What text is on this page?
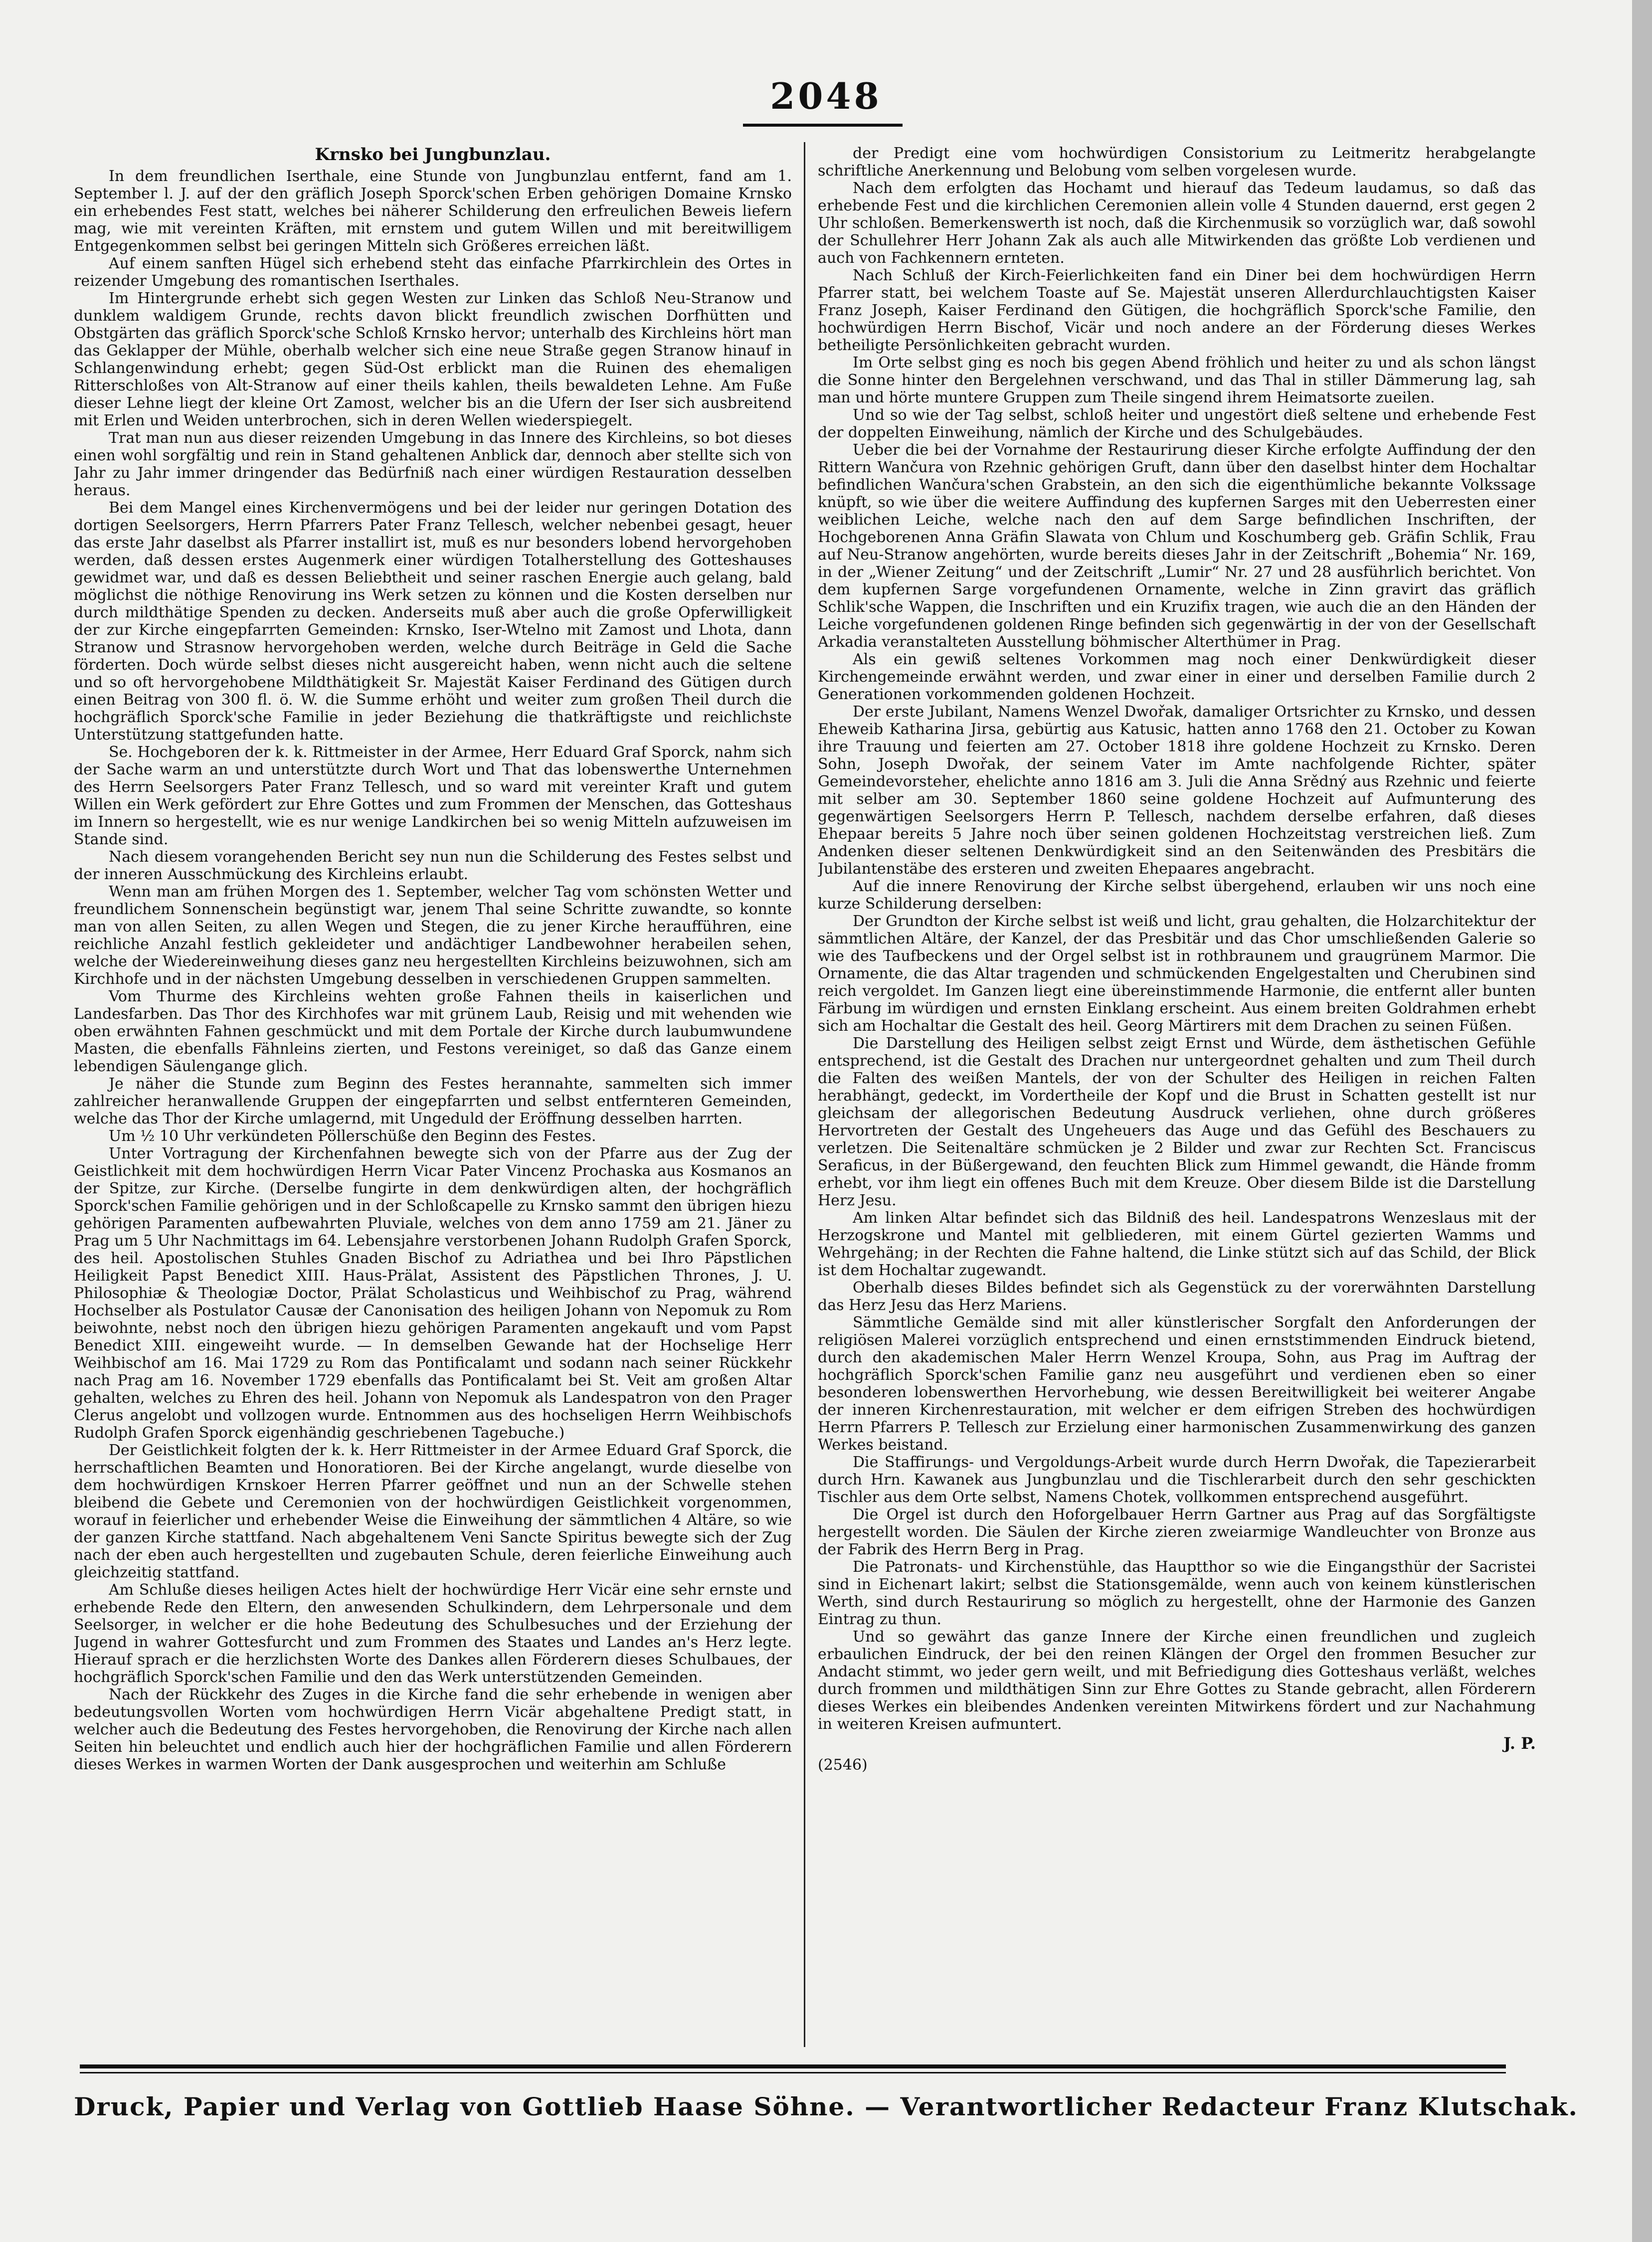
2048
Krnsko bei Jungbunzlau.

In dem freundlichen Iserthale, eine Stunde von Jungbunzlau entfernt, fand am 1. September l. J. auf der den gräflich Joseph Sporck'schen Erben gehörigen Domaine Krnsko ein erhebendes Fest statt, welches bei näherer Schilderung den erfreulichen Beweis liefern mag, wie mit vereinten Kräften, mit ernstem und gutem Willen und mit bereitwilligem Entgegenkommen selbst bei geringen Mitteln sich Größeres erreichen läßt.

Auf einem sanften Hügel sich erhebend steht das einfache Pfarrkirchlein des Ortes in reizender Umgebung des romantischen Iserthales.

Im Hintergrunde erhebt sich gegen Westen zur Linken das Schloß Neu-Stranow und dunklem waldigem Grunde, rechts davon blickt freundlich zwischen Dorfhütten und Obstgärten das gräflich Sporck'sche Schloß Krnsko hervor; unterhalb des Kirchleins hört man das Geklapper der Mühle, oberhalb welcher sich eine neue Straße gegen Stranow hinauf in Schlangenwindung erhebt; gegen Süd-Ost erblickt man die Ruinen des ehemaligen Ritterschloßes von Alt-Stranow auf einer theils kahlen, theils bewaldeten Lehne. Am Fuße dieser Lehne liegt der kleine Ort Zamost, welcher bis an die Ufern der Iser sich ausbreitend mit Erlen und Weiden unterbrochen, sich in deren Wellen wiederspiegelt.

Trat man nun aus dieser reizenden Umgebung in das Innere des Kirchleins, so bot dieses einen wohl sorgfältig und rein in Stand gehaltenen Anblick dar, dennoch aber stellte sich von Jahr zu Jahr immer dringender das Bedürfniß nach einer würdigen Restauration desselben heraus.

Bei dem Mangel eines Kirchenvermögens und bei der leider nur geringen Dotation des dortigen Seelsorgers, Herrn Pfarrers Pater Franz Tellesch, welcher nebenbei gesagt, heuer das erste Jahr daselbst als Pfarrer installirt ist, muß es nur besonders lobend hervorgehoben werden, daß dessen erstes Augenmerk einer würdigen Totalherstellung des Gotteshauses gewidmet war, und daß es dessen Beliebtheit und seiner raschen Energie auch gelang, bald möglichst die nöthige Renovirung ins Werk setzen zu können und die Kosten derselben nur durch mildthätige Spenden zu decken. Anderseits muß aber auch die große Opferwilligkeit der zur Kirche eingepfarrten Gemeinden: Krnsko, Iser-Wtelno mit Zamost und Lhota, dann Stranow und Strasnow hervorgehoben werden, welche durch Beiträge in Geld die Sache förderten. Doch würde selbst dieses nicht ausgereicht haben, wenn nicht auch die seltene und so oft hervorgehobene Mildthätigkeit Sr. Majestät Kaiser Ferdinand des Gütigen durch einen Beitrag von 300 fl. ö. W. die Summe erhöht und weiter zum großen Theil durch die hochgräflich Sporck'sche Familie in jeder Beziehung die thatkräftigste und reichlichste Unterstützung stattgefunden hatte.

Se. Hochgeboren der k. k. Rittmeister in der Armee, Herr Eduard Graf Sporck, nahm sich der Sache warm an und unterstützte durch Wort und That das lobenswerthe Unternehmen des Herrn Seelsorgers Pater Franz Tellesch, und so ward mit vereinter Kraft und gutem Willen ein Werk gefördert zur Ehre Gottes und zum Frommen der Menschen, das Gotteshaus im Innern so hergestellt, wie es nur wenige Landkirchen bei so wenig Mitteln aufzuweisen im Stande sind.

Nach diesem vorangehenden Bericht sey nun nun die Schilderung des Festes selbst und der inneren Ausschmückung des Kirchleins erlaubt.

Wenn man am frühen Morgen des 1. September, welcher Tag vom schönsten Wetter und freundlichem Sonnenschein begünstigt war, jenem Thal seine Schritte zuwandte, so konnte man von allen Seiten, zu allen Wegen und Stegen, die zu jener Kirche heraufführen, eine reichliche Anzahl festlich gekleideter und andächtiger Landbewohner herabeilen sehen, welche der Wiedereinweihung dieses ganz neu hergestellten Kirchleins beizuwohnen, sich am Kirchhofe und in der nächsten Umgebung desselben in verschiedenen Gruppen sammelten.

Vom Thurme des Kirchleins wehten große Fahnen theils in kaiserlichen und Landesfarben. Das Thor des Kirchhofes war mit grünem Laub, Reisig und mit wehenden wie oben erwähnten Fahnen geschmückt und mit dem Portale der Kirche durch laubumwundene Masten, die ebenfalls Fähnleins zierten, und Festons vereiniget, so daß das Ganze einem lebendigen Säulengange glich.

Je näher die Stunde zum Beginn des Festes herannahte, sammelten sich immer zahlreicher heranwallende Gruppen der eingepfarrten und selbst entfernteren Gemeinden, welche das Thor der Kirche umlagernd, mit Ungeduld der Eröffnung desselben harrten.

Um ½ 10 Uhr verkündeten Pöllerschüße den Beginn des Festes.

Unter Vortragung der Kirchenfahnen bewegte sich von der Pfarre aus der Zug der Geistlichkeit mit dem hochwürdigen Herrn Vicar Pater Vincenz Prochaska aus Kosmanos an der Spitze, zur Kirche. (Derselbe fungirte in dem denkwürdigen alten, der hochgräflich Sporck'schen Familie gehörigen und in der Schloßcapelle zu Krnsko sammt den übrigen hiezu gehörigen Paramenten aufbewahrten Pluviale, welches von dem anno 1759 am 21. Jäner zu Prag um 5 Uhr Nachmittags im 64. Lebensjahre verstorbenen Johann Rudolph Grafen Sporck, des heil. Apostolischen Stuhles Gnaden Bischof zu Adriathea und bei Ihro Päpstlichen Heiligkeit Papst Benedict XIII. Haus-Prälat, Assistent des Päpstlichen Thrones, J. U. Philosophiæ & Theologiæ Doctor, Prälat Scholasticus und Weihbischof zu Prag, während Hochselber als Postulator Causæ der Canonisation des heiligen Johann von Nepomuk zu Rom beiwohnte, nebst noch den übrigen hiezu gehörigen Paramenten angekauft und vom Papst Benedict XIII. eingeweiht wurde. — In demselben Gewande hat der Hochselige Herr Weihbischof am 16. Mai 1729 zu Rom das Pontificalamt und sodann nach seiner Rückkehr nach Prag am 16. November 1729 ebenfalls das Pontificalamt bei St. Veit am großen Altar gehalten, welches zu Ehren des heil. Johann von Nepomuk als Landespatron von den Prager Clerus angelobt und vollzogen wurde. Entnommen aus des hochseligen Herrn Weihbischofs Rudolph Grafen Sporck eigenhändig geschriebenen Tagebuche.)

Der Geistlichkeit folgten der k. k. Herr Rittmeister in der Armee Eduard Graf Sporck, die herrschaftlichen Beamten und Honoratioren. Bei der Kirche angelangt, wurde dieselbe von dem hochwürdigen Krnskoer Herren Pfarrer geöffnet und nun an der Schwelle stehen bleibend die Gebete und Ceremonien von der hochwürdigen Geistlichkeit vorgenommen, worauf in feierlicher und erhebender Weise die Einweihung der sämmtlichen 4 Altäre, so wie der ganzen Kirche stattfand. Nach abgehaltenem Veni Sancte Spiritus bewegte sich der Zug nach der eben auch hergestellten und zugebauten Schule, deren feierliche Einweihung auch gleichzeitig stattfand.

Am Schluße dieses heiligen Actes hielt der hochwürdige Herr Vicär eine sehr ernste und erhebende Rede den Eltern, den anwesenden Schulkindern, dem Lehrpersonale und dem Seelsorger, in welcher er die hohe Bedeutung des Schulbesuches und der Erziehung der Jugend in wahrer Gottesfurcht und zum Frommen des Staates und Landes an's Herz legte. Hierauf sprach er die herzlichsten Worte des Dankes allen Förderern dieses Schulbaues, der hochgräflich Sporck'schen Familie und den das Werk unterstützenden Gemeinden.

Nach der Rückkehr des Zuges in die Kirche fand die sehr erhebende in wenigen aber bedeutungsvollen Worten vom hochwürdigen Herrn Vicär abgehaltene Predigt statt, in welcher auch die Bedeutung des Festes hervorgehoben, die Renovirung der Kirche nach allen Seiten hin beleuchtet und endlich auch hier der hochgräflichen Familie und allen Förderern dieses Werkes in warmen Worten der Dank ausgesprochen und weiterhin am Schluße

der Predigt eine vom hochwürdigen Consistorium zu Leitmeritz herabgelangte schriftliche Anerkennung und Belobung vom selben vorgelesen wurde.

Nach dem erfolgten das Hochamt und hierauf das Tedeum laudamus, so daß das erhebende Fest und die kirchlichen Ceremonien allein volle 4 Stunden dauernd, erst gegen 2 Uhr schloßen. Bemerkenswerth ist noch, daß die Kirchenmusik so vorzüglich war, daß sowohl der Schullehrer Herr Johann Zak als auch alle Mitwirkenden das größte Lob verdienen und auch von Fachkennern ernteten.

Nach Schluß der Kirch-Feierlichkeiten fand ein Diner bei dem hochwürdigen Herrn Pfarrer statt, bei welchem Toaste auf Se. Majestät unseren Allerdurchlauchtigsten Kaiser Franz Joseph, Kaiser Ferdinand den Gütigen, die hochgräflich Sporck'sche Familie, den hochwürdigen Herrn Bischof, Vicär und noch andere an der Förderung dieses Werkes betheiligte Persönlichkeiten gebracht wurden.

Im Orte selbst ging es noch bis gegen Abend fröhlich und heiter zu und als schon längst die Sonne hinter den Bergelehnen verschwand, und das Thal in stiller Dämmerung lag, sah man und hörte muntere Gruppen zum Theile singend ihrem Heimatsorte zueilen.

Und so wie der Tag selbst, schloß heiter und ungestört dieß seltene und erhebende Fest der doppelten Einweihung, nämlich der Kirche und des Schulgebäudes.

Ueber die bei der Vornahme der Restaurirung dieser Kirche erfolgte Auffindung der den Rittern Wančura von Rzehnic gehörigen Gruft, dann über den daselbst hinter dem Hochaltar befindlichen Wančura'schen Grabstein, an den sich die eigenthümliche bekannte Volkssage knüpft, so wie über die weitere Auffindung des kupfernen Sarges mit den Ueberresten einer weiblichen Leiche, welche nach den auf dem Sarge befindlichen Inschriften, der Hochgeborenen Anna Gräfin Slawata von Chlum und Koschumberg geb. Gräfin Schlik, Frau auf Neu-Stranow angehörten, wurde bereits dieses Jahr in der Zeitschrift „Bohemia“ Nr. 169, in der „Wiener Zeitung“ und der Zeitschrift „Lumir“ Nr. 27 und 28 ausführlich berichtet. Von dem kupfernen Sarge vorgefundenen Ornamente, welche in Zinn gravirt das gräflich Schlik'sche Wappen, die Inschriften und ein Kruzifix tragen, wie auch die an den Händen der Leiche vorgefundenen goldenen Ringe befinden sich gegenwärtig in der von der Gesellschaft Arkadia veranstalteten Ausstellung böhmischer Alterthümer in Prag.

Als ein gewiß seltenes Vorkommen mag noch einer Denkwürdigkeit dieser Kirchengemeinde erwähnt werden, und zwar einer in einer und derselben Familie durch 2 Generationen vorkommenden goldenen Hochzeit.

Der erste Jubilant, Namens Wenzel Dwořak, damaliger Ortsrichter zu Krnsko, und dessen Eheweib Katharina Jirsa, gebürtig aus Katusic, hatten anno 1768 den 21. October zu Kowan ihre Trauung und feierten am 27. October 1818 ihre goldene Hochzeit zu Krnsko. Deren Sohn, Joseph Dwořak, der seinem Vater im Amte nachfolgende Richter, später Gemeindevorsteher, ehelichte anno 1816 am 3. Juli die Anna Srědný aus Rzehnic und feierte mit selber am 30. September 1860 seine goldene Hochzeit auf Aufmunterung des gegenwärtigen Seelsorgers Herrn P. Tellesch, nachdem derselbe erfahren, daß dieses Ehepaar bereits 5 Jahre noch über seinen goldenen Hochzeitstag verstreichen ließ. Zum Andenken dieser seltenen Denkwürdigkeit sind an den Seitenwänden des Presbitärs die Jubilantenstäbe des ersteren und zweiten Ehepaares angebracht.

Auf die innere Renovirung der Kirche selbst übergehend, erlauben wir uns noch eine kurze Schilderung derselben:

Der Grundton der Kirche selbst ist weiß und licht, grau gehalten, die Holzarchitektur der sämmtlichen Altäre, der Kanzel, der das Presbitär und das Chor umschließenden Galerie so wie des Taufbeckens und der Orgel selbst ist in rothbraunem und graugrünem Marmor. Die Ornamente, die das Altar tragenden und schmückenden Engelgestalten und Cherubinen sind reich vergoldet. Im Ganzen liegt eine übereinstimmende Harmonie, die entfernt aller bunten Färbung im würdigen und ernsten Einklang erscheint. Aus einem breiten Goldrahmen erhebt sich am Hochaltar die Gestalt des heil. Georg Märtirers mit dem Drachen zu seinen Füßen.

Die Darstellung des Heiligen selbst zeigt Ernst und Würde, dem ästhetischen Gefühle entsprechend, ist die Gestalt des Drachen nur untergeordnet gehalten und zum Theil durch die Falten des weißen Mantels, der von der Schulter des Heiligen in reichen Falten herabhängt, gedeckt, im Vordertheile der Kopf und die Brust in Schatten gestellt ist nur gleichsam der allegorischen Bedeutung Ausdruck verliehen, ohne durch größeres Hervortreten der Gestalt des Ungeheuers das Auge und das Gefühl des Beschauers zu verletzen. Die Seitenaltäre schmücken je 2 Bilder und zwar zur Rechten Sct. Franciscus Seraficus, in der Büßergewand, den feuchten Blick zum Himmel gewandt, die Hände fromm erhebt, vor ihm liegt ein offenes Buch mit dem Kreuze. Ober diesem Bilde ist die Darstellung Herz Jesu.

Am linken Altar befindet sich das Bildniß des heil. Landespatrons Wenzeslaus mit der Herzogskrone und Mantel mit gelbliederen, mit einem Gürtel gezierten Wamms und Wehrgehäng; in der Rechten die Fahne haltend, die Linke stützt sich auf das Schild, der Blick ist dem Hochaltar zugewandt.

Oberhalb dieses Bildes befindet sich als Gegenstück zu der vorerwähnten Darstellung das Herz Jesu das Herz Mariens.

Sämmtliche Gemälde sind mit aller künstlerischer Sorgfalt den Anforderungen der religiösen Malerei vorzüglich entsprechend und einen ernststimmenden Eindruck bietend, durch den akademischen Maler Herrn Wenzel Kroupa, Sohn, aus Prag im Auftrag der hochgräflich Sporck'schen Familie ganz neu ausgeführt und verdienen eben so einer besonderen lobenswerthen Hervorhebung, wie dessen Bereitwilligkeit bei weiterer Angabe der inneren Kirchenrestauration, mit welcher er dem eifrigen Streben des hochwürdigen Herrn Pfarrers P. Tellesch zur Erzielung einer harmonischen Zusammenwirkung des ganzen Werkes beistand.

Die Staffirungs- und Vergoldungs-Arbeit wurde durch Herrn Dwořak, die Tapezierarbeit durch Hrn. Kawanek aus Jungbunzlau und die Tischlerarbeit durch den sehr geschickten Tischler aus dem Orte selbst, Namens Chotek, vollkommen entsprechend ausgeführt.

Die Orgel ist durch den Hoforgelbauer Herrn Gartner aus Prag auf das Sorgfältigste hergestellt worden. Die Säulen der Kirche zieren zweiarmige Wandleuchter von Bronze aus der Fabrik des Herrn Berg in Prag.

Die Patronats- und Kirchenstühle, das Hauptthor so wie die Eingangsthür der Sacristei sind in Eichenart lakirt; selbst die Stationsgemälde, wenn auch von keinem künstlerischen Werth, sind durch Restaurirung so möglich zu hergestellt, ohne der Harmonie des Ganzen Eintrag zu thun.

Und so gewährt das ganze Innere der Kirche einen freundlichen und zugleich erbaulichen Eindruck, der bei den reinen Klängen der Orgel den frommen Besucher zur Andacht stimmt, wo jeder gern weilt, und mit Befriedigung dies Gotteshaus verläßt, welches durch frommen und mildthätigen Sinn zur Ehre Gottes zu Stande gebracht, allen Förderern dieses Werkes ein bleibendes Andenken vereinten Mitwirkens fördert und zur Nachahmung in weiteren Kreisen aufmuntert.

J. P.

(2546)

Druck, Papier und Verlag von Gottlieb Haase Söhne. — Verantwortlicher Redacteur Franz Klutschak.
